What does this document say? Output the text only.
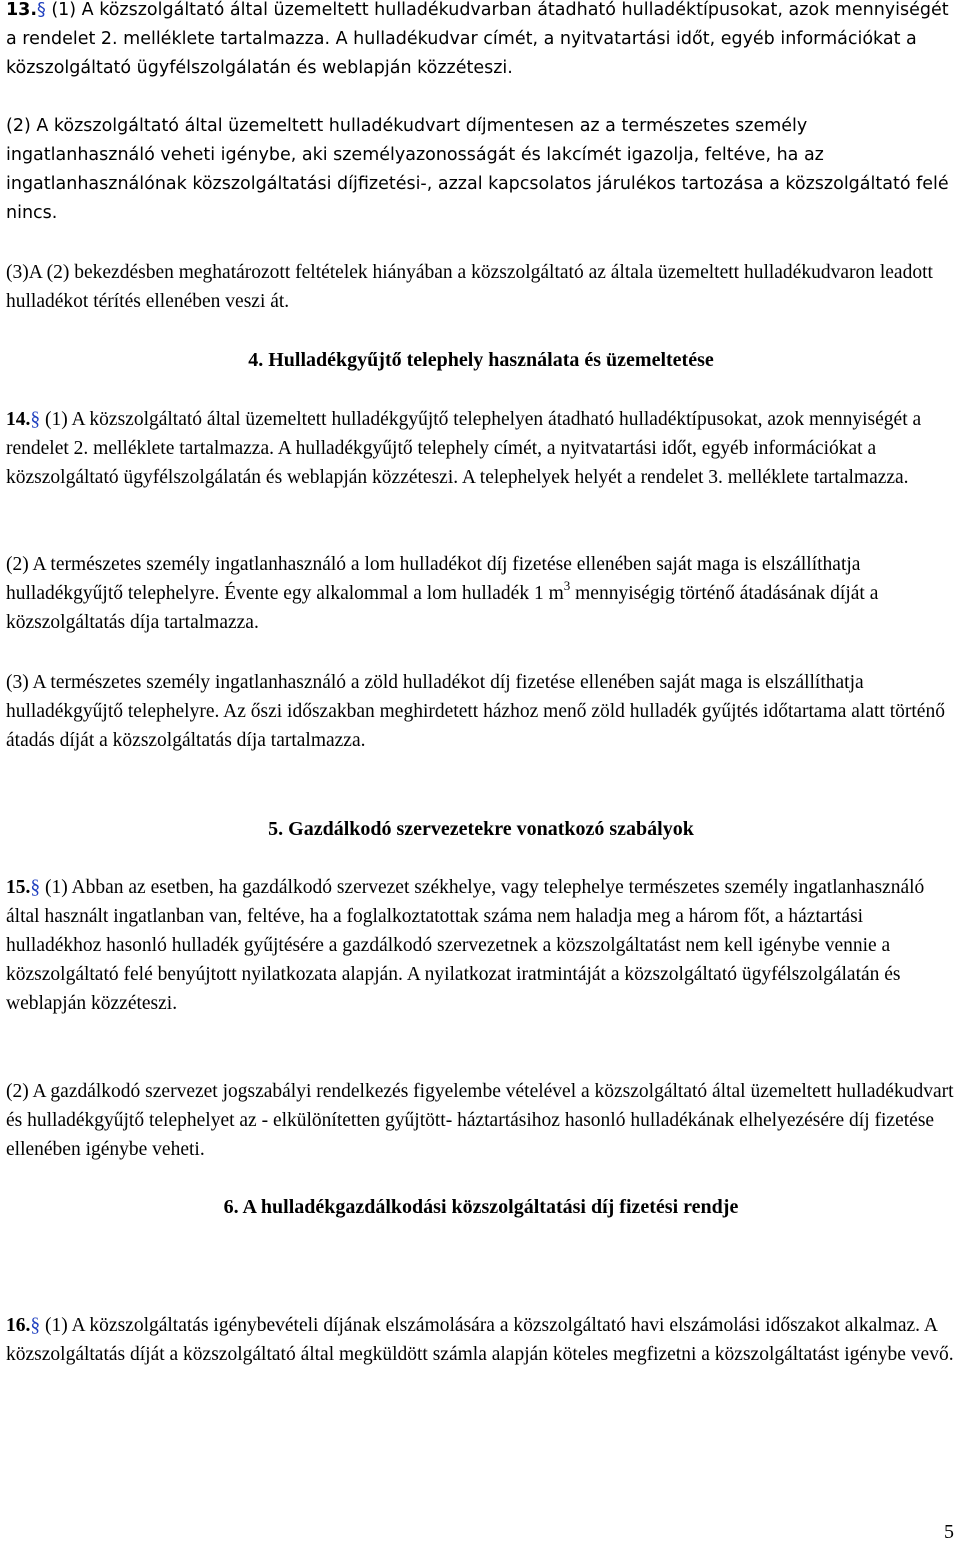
13.§ (1) A közszolgáltató által üzemeltett hulladékudvarban átadható hulladéktípusokat, azok mennyiségét a rendelet 2. melléklete tartalmazza. A hulladékudvar címét, a nyitvatartási időt, egyéb információkat a közszolgáltató ügyfélszolgálatán és weblapján közzéteszi.

(2) A közszolgáltató által üzemeltett hulladékudvart díjmentesen az a természetes személy ingatlanhasználó veheti igénybe, aki személyazonosságát és lakcímét igazolja, feltéve, ha az ingatlanhasználónak közszolgáltatási díjfizetési-, azzal kapcsolatos járulékos tartozása a közszolgáltató felé nincs.

(3)A (2) bekezdésben meghatározott feltételek hiányában a közszolgáltató az általa üzemeltett hulladékudvaron leadott hulladékot térítés ellenében veszi át.

4. Hulladékgyűjtő telephely használata és üzemeltetése

14.§ (1) A közszolgáltató által üzemeltett hulladékgyűjtő telephelyen átadható hulladéktípusokat, azok mennyiségét a rendelet 2. melléklete tartalmazza. A hulladékgyűjtő telephely címét, a nyitvatartási időt, egyéb információkat a közszolgáltató ügyfélszolgálatán és weblapján közzéteszi. A telephelyek helyét a rendelet 3. melléklete tartalmazza.

(2) A természetes személy ingatlanhasználó a lom hulladékot díj fizetése ellenében saját maga is elszállíthatja hulladékgyűjtő telephelyre. Évente egy alkalommal a lom hulladék 1 $m^3$ mennyiségig történő átadásának díját a közszolgáltatás díja tartalmazza.

(3) A természetes személy ingatlanhasználó a zöld hulladékot díj fizetése ellenében saját maga is elszállíthatja hulladékgyűjtő telephelyre. Az őszi időszakban meghirdetett házhoz menő zöld hulladék gyűjtés időtartama alatt történő átadás díját a közszolgáltatás díja tartalmazza.

5. Gazdálkodó szervezetekre vonatkozó szabályok

15.§ (1) Abban az esetben, ha gazdálkodó szervezet székhelye, vagy telephelye természetes személy ingatlanhasználó által használt ingatlanban van, feltéve, ha a foglalkoztatottak száma nem haladja meg a három főt, a háztartási hulladékhoz hasonló hulladék gyűjtésére a gazdálkodó szervezetnek a közszolgáltatást nem kell igénybe vennie a közszolgáltató felé benyújtott nyilatkozata alapján. A nyilatkozat iratmintáját a közszolgáltató ügyfélszolgálatán és weblapján közzéteszi.

(2) A gazdálkodó szervezet jogszabályi rendelkezés figyelembe vételével a közszolgáltató által üzemeltett hulladékudvart és hulladékgyűjtő telephelyet az - elkülönítetten gyűjtött- háztartásihoz hasonló hulladékának elhelyezésére díj fizetése ellenében igénybe veheti.

6. A hulladékgazdálkodási közszolgáltatási díj fizetési rendje

16.§ (1) A közszolgáltatás igénybevételi díjának elszámolására a közszolgáltató havi elszámolási időszakot alkalmaz. A közszolgáltatás díját a közszolgáltató által megküldött számla alapján köteles megfizetni a közszolgáltatást igénybe vevő.

5
